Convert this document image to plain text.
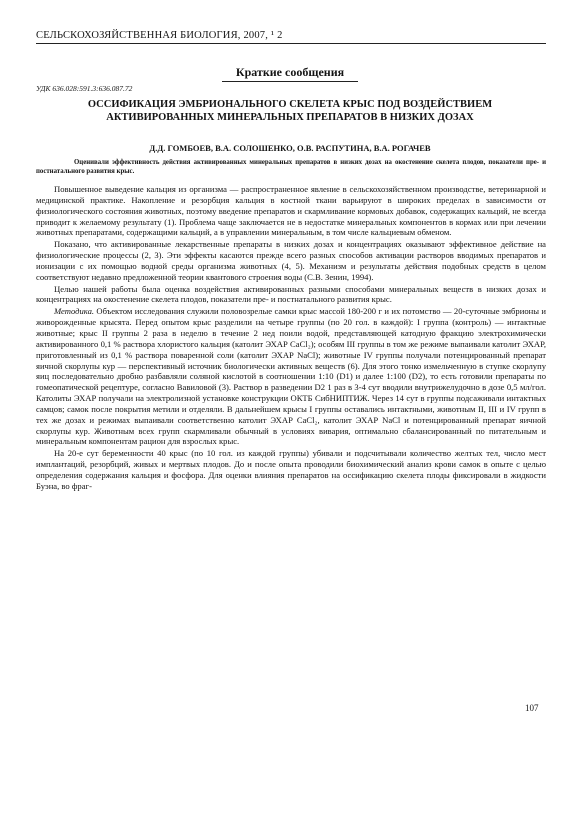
СЕЛЬСКОХОЗЯЙСТВЕННАЯ БИОЛОГИЯ, 2007, ¹ 2
Краткие сообщения
УДК 636.028:591.3:636.087.72
ОССИФИКАЦИЯ ЭМБРИОНАЛЬНОГО СКЕЛЕТА КРЫС ПОД ВОЗДЕЙСТВИЕМ АКТИВИРОВАННЫХ МИНЕРАЛЬНЫХ ПРЕПАРАТОВ В НИЗКИХ ДОЗАХ
Д.Д. ГОМБОЕВ, В.А. СОЛОШЕНКО, О.В. РАСПУТИНА, В.А. РОГАЧЕВ
Оценивали эффективность действия активированных минеральных препаратов в низких дозах на окостенение скелета плодов, показатели пре- и постнатального развития крыс.

Повышенное выведение кальция из организма — распространенное явление в сельскохозяйственном производстве, ветеринарной и медицинской практике. Накопление и резорбция кальция в костной ткани варьируют в широких пределах в зависимости от физиологического состояния животных, поэтому введение препаратов и скармливание кормовых добавок, содержащих кальций, не всегда приводит к желаемому результату (1). Проблема чаще заключается не в недостатке минеральных компонентов в кормах или при лечении животных препаратами, содержащими кальций, а в управлении минеральным, в том числе кальциевым обменом.

Показано, что активированные лекарственные препараты в низких дозах и концентрациях оказывают эффективное действие на физиологические процессы (2, 3). Эти эффекты касаются прежде всего разных способов активации растворов вводимых препаратов и ионизации с их помощью водной среды организма животных (4, 5). Механизм и результаты действия подобных средств в целом соответствуют недавно предложенной теории квантового строения воды (С.В. Зенин, 1994).

Целью нашей работы была оценка воздействия активированных разными способами минеральных веществ в низких дозах и концентрациях на окостенение скелета плодов, показатели пре- и постнатального развития крыс.

Методика. Объектом исследования служили половозрелые самки крыс массой 180-200 г и их потомство — 20-суточные эмбрионы и живорожденные крысята. Перед опытом крыс разделили на четыре группы (по 20 гол. в каждой): I группа (контроль) — интактные животные; крыс II группы 2 раза в неделю в течение 2 нед поили водой, представляющей катодную фракцию электрохимически активированного 0,1 % раствора хлористого кальция (католит ЭХАР CaCl₂); особям III группы в том же режиме выпаивали католит ЭХАР, приготовленный из 0,1 % раствора поваренной соли (католит ЭХАР NaCl); животные IV группы получали потенцированный препарат яичной скорлупы кур — перспективный источник биологически активных веществ (6). Для этого тонко измельченную в ступке скорлупу яиц последовательно дробно разбавляли соляной кислотой в соотношении 1:10 (D1) и далее 1:100 (D2), то есть готовили препараты по гомеопатической рецептуре, согласно Вавиловой (3). Раствор в разведении D2 1 раз в 3-4 сут вводили внутрижелудочно в дозе 0,5 мл/гол. Католиты ЭХАР получали на электролизной установке конструкции ОКТБ СибНИПТИЖ. Через 14 сут в группы подсаживали интактных самцов; самок после покрытия метили и отделяли. В дальнейшем крысы I группы оставались интактными, животным II, III и IV групп в тех же дозах и режимах выпаивали соответственно католит ЭХАР CaCl₂, католит ЭХАР NaCl и потенцированный препарат яичной скорлупы кур. Животным всех групп скармливали обычный в условиях вивария, оптимально сбалансированный по питательным и минеральным компонентам рацион для взрослых крыс.

На 20-е сут беременности 40 крыс (по 10 гол. из каждой группы) убивали и подсчитывали количество желтых тел, число мест имплантаций, резорбций, живых и мертвых плодов. До и после опыта проводили биохимический анализ крови самок в опыте с целью определения содержания кальция и фосфора. Для оценки влияния препаратов на оссификацию скелета плоды фиксировали в жидкости Буэна, во фраг-

107
